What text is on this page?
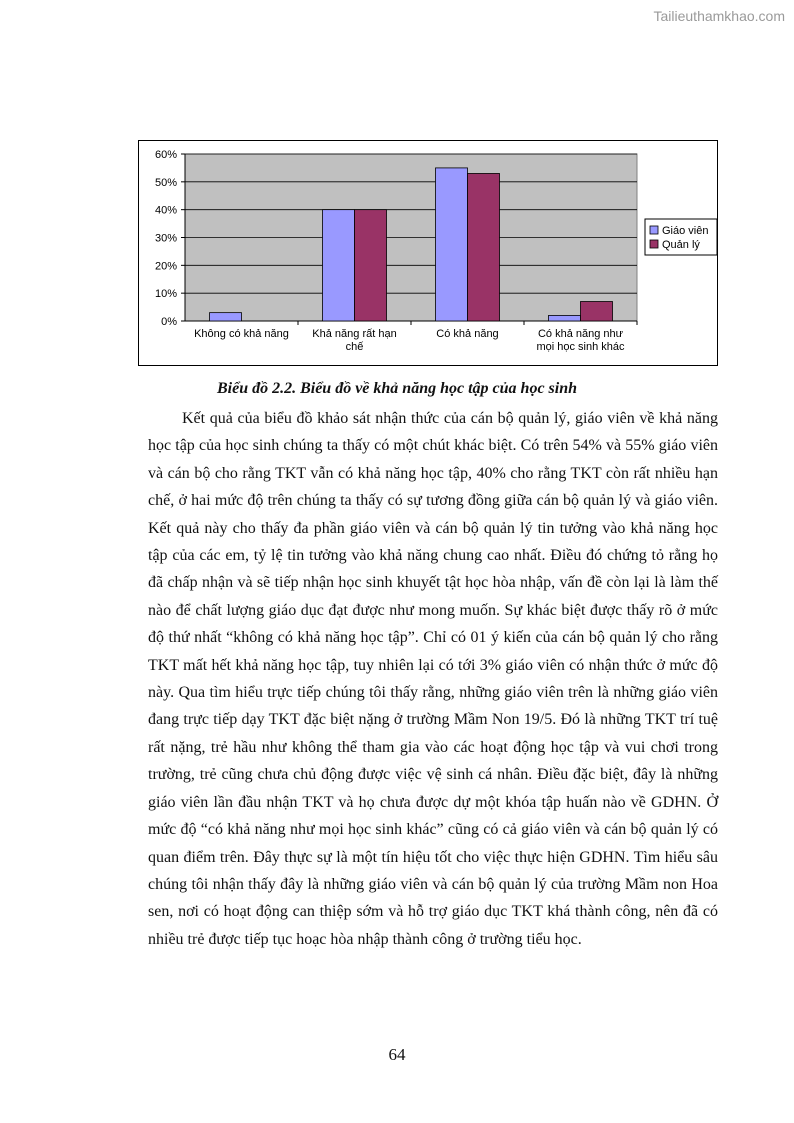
Tailieuthamkhao.com
0%
10%
20%
30%
40%
50%
60%
Không có khả năng Khả năng rất hạn
chế
Có khả năng	Có khả năng như
mọi học sinh khác
Giáo viên
Quản lý
Biểu đồ 2.2. Biểu đồ về khả năng học tập của học sinh

Kết quả của biểu đồ khảo sát nhận thức của cán bộ quản lý, giáo viên về khả năng học tập của học sinh chúng ta thấy có một chút khác biệt. Có trên 54% và 55% giáo viên và cán bộ cho rằng TKT vẫn có khả năng học tập, 40% cho rằng TKT còn rất nhiều hạn chế, ở hai mức độ trên chúng ta thấy có sự tương đồng giữa cán bộ quản lý và giáo viên. Kết quả này cho thấy đa phần giáo viên và cán bộ quản lý tin tưởng vào khả năng học tập của các em, tỷ lệ tin tưởng vào khả năng chung cao nhất. Điều đó chứng tỏ rằng họ đã chấp nhận và sẽ tiếp nhận học sinh khuyết tật học hòa nhập, vấn đề còn lại là làm thế nào để chất lượng giáo dục đạt được như mong muốn. Sự khác biệt được thấy rõ ở mức độ thứ nhất “không có khả năng học tập”. Chỉ có 01 ý kiến của cán bộ quản lý cho rằng TKT mất hết khả năng học tập, tuy nhiên lại có tới 3% giáo viên có nhận thức ở mức độ này. Qua tìm hiểu trực tiếp chúng tôi thấy rằng, những giáo viên trên là những giáo viên đang trực tiếp dạy TKT đặc biệt nặng ở trường Mầm Non 19/5. Đó là những TKT trí tuệ rất nặng, trẻ hầu như không thể tham gia vào các hoạt động học tập và vui chơi trong trường, trẻ cũng chưa chủ động được việc vệ sinh cá nhân. Điều đặc biệt, đây là những giáo viên lần đầu nhận TKT và họ chưa được dự một khóa tập huấn nào về GDHN. Ở mức độ “có khả năng như mọi học sinh khác” cũng có cả giáo viên và cán bộ quản lý có quan điểm trên. Đây thực sự là một tín hiệu tốt cho việc thực hiện GDHN. Tìm hiểu sâu chúng tôi nhận thấy đây là những giáo viên và cán bộ quản lý của trường Mầm non Hoa sen, nơi có hoạt động can thiệp sớm và hỗ trợ giáo dục TKT khá thành công, nên đã có nhiều trẻ được tiếp tục hoạc hòa nhập thành công ở trường tiểu học.

64
